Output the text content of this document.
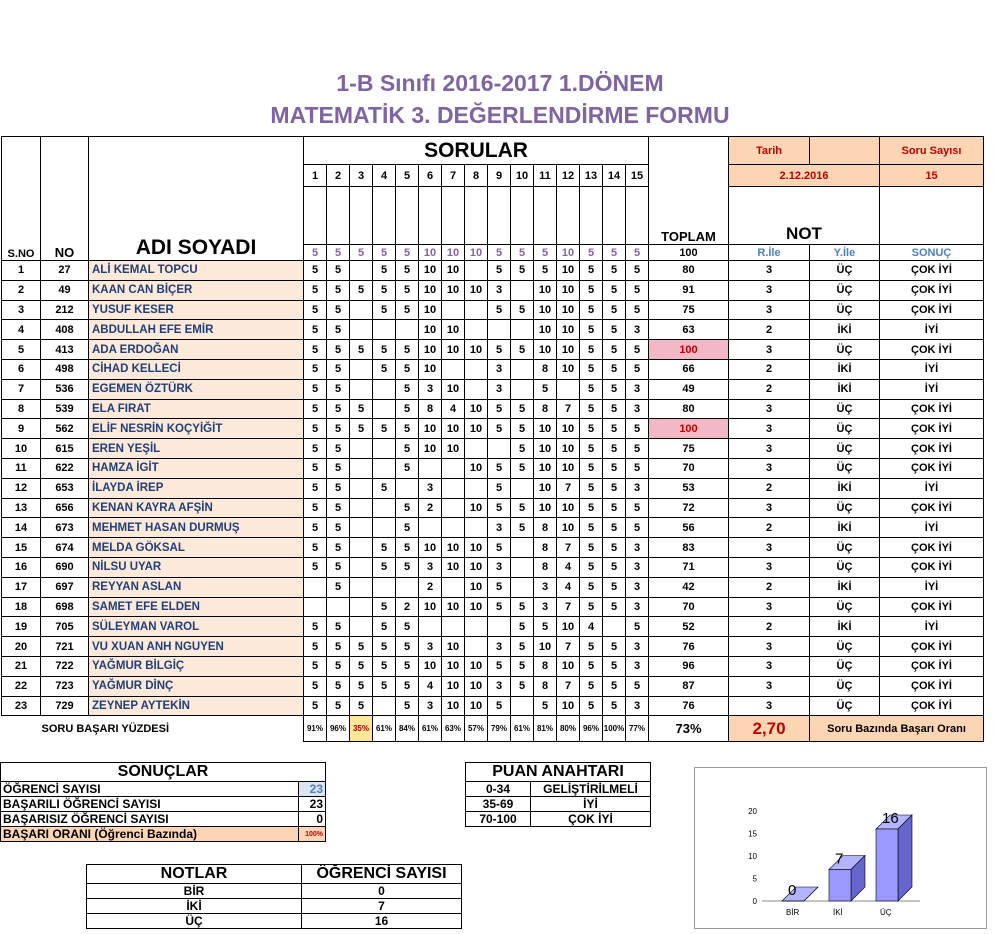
1-B Sınıfı 2016-2017 1.DÖNEM
MATEMATİK 3. DEĞERLENDİRME FORMU
S.NO	NO	ADI SOYADI	SORULAR															TOPLAM	Tarih		Soru Sayısı
			1	2	3	4	5	6	7	8	9	10	11	12	13	14	15		2.12.2016		15
																			NOT		
			5	5	5	5	5	10	10	10	5	5	5	10	5	5	5	100	R.İle	Y.İle	SONUÇ
1	27	ALİ KEMAL TOPCU	5	5		5	5	10	10		5	5	5	10	5	5	5	80	3	ÜÇ	ÇOK İYİ
2	49	KAAN CAN BİÇER	5	5	5	5	5	10	10	10	3		10	10	5	5	5	91	3	ÜÇ	ÇOK İYİ
3	212	YUSUF KESER	5	5		5	5	10			5	5	10	10	5	5	5	75	3	ÜÇ	ÇOK İYİ
4	408	ABDULLAH EFE EMİR	5	5				10	10				10	10	5	5	3	63	2	İKİ	İYİ
5	413	ADA ERDOĞAN	5	5	5	5	5	10	10	10	5	5	10	10	5	5	5	100	3	ÜÇ	ÇOK İYİ
6	498	CİHAD KELLECİ	5	5		5	5	10			3		8	10	5	5	5	66	2	İKİ	İYİ
7	536	EGEMEN ÖZTÜRK	5	5			5	3	10		3		5		5	5	3	49	2	İKİ	İYİ
8	539	ELA FIRAT	5	5	5		5	8	4	10	5	5	8	7	5	5	3	80	3	ÜÇ	ÇOK İYİ
9	562	ELİF NESRİN KOÇYİĞİT	5	5	5	5	5	10	10	10	5	5	10	10	5	5	5	100	3	ÜÇ	ÇOK İYİ
10	615	EREN YEŞİL	5	5			5	10	10			5	10	10	5	5	5	75	3	ÜÇ	ÇOK İYİ
11	622	HAMZA İGİT	5	5			5			10	5	5	10	10	5	5	5	70	3	ÜÇ	ÇOK İYİ
12	653	İLAYDA İREP	5	5		5		3			5		10	7	5	5	3	53	2	İKİ	İYİ
13	656	KENAN KAYRA AFŞİN	5	5			5	2		10	5	5	10	10	5	5	5	72	3	ÜÇ	ÇOK İYİ
14	673	MEHMET HASAN DURMUŞ	5	5			5				3	5	8	10	5	5	5	56	2	İKİ	İYİ
15	674	MELDA GÖKSAL	5	5		5	5	10	10	10	5		8	7	5	5	3	83	3	ÜÇ	ÇOK İYİ
16	690	NİLSU UYAR	5	5		5	5	3	10	10	3		8	4	5	5	3	71	3	ÜÇ	ÇOK İYİ
17	697	REYYAN ASLAN		5				2		10	5		3	4	5	5	3	42	2	İKİ	İYİ
18	698	SAMET EFE ELDEN				5	2	10	10	10	5	5	3	7	5	5	3	70	3	ÜÇ	ÇOK İYİ
19	705	SÜLEYMAN VAROL	5	5		5	5					5	5	10	4		5	52	2	İKİ	İYİ
20	721	VU XUAN ANH NGUYEN	5	5	5	5	5	3	10		3	5	10	7	5	5	3	76	3	ÜÇ	ÇOK İYİ
21	722	YAĞMUR BİLGİÇ	5	5	5	5	5	10	10	10	5	5	8	10	5	5	3	96	3	ÜÇ	ÇOK İYİ
22	723	YAĞMUR DİNÇ	5	5	5	5	5	4	10	10	3	5	8	7	5	5	5	87	3	ÜÇ	ÇOK İYİ
23	729	ZEYNEP AYTEKİN	5	5	5		5	3	10	10	5		5	10	5	5	3	76	3	ÜÇ	ÇOK İYİ
SORU BAŞARI YÜZDESİ			91%	96%	35%	61%	84%	61%	63%	57%	79%	61%	81%	80%	96%	100%	77%	73%	2,70	Soru Bazında Başarı Oranı	
SONUÇLAR	
ÖĞRENCİ SAYISI	23
BAŞARILI ÖĞRENCİ SAYISI	23
BAŞARISIZ ÖĞRENCİ SAYISI	0
BAŞARI ORANI (Öğrenci Bazında)	100%
PUAN ANAHTARI	
0-34	GELİŞTİRİLMELİ
35-69	İYİ
70-100	ÇOK İYİ
NOTLAR	ÖĞRENCİ SAYISI
BİR	0
İKİ	7
ÜÇ	16
0
5
10
15
20
0
BİR
7
İKİ
16
ÜÇ
